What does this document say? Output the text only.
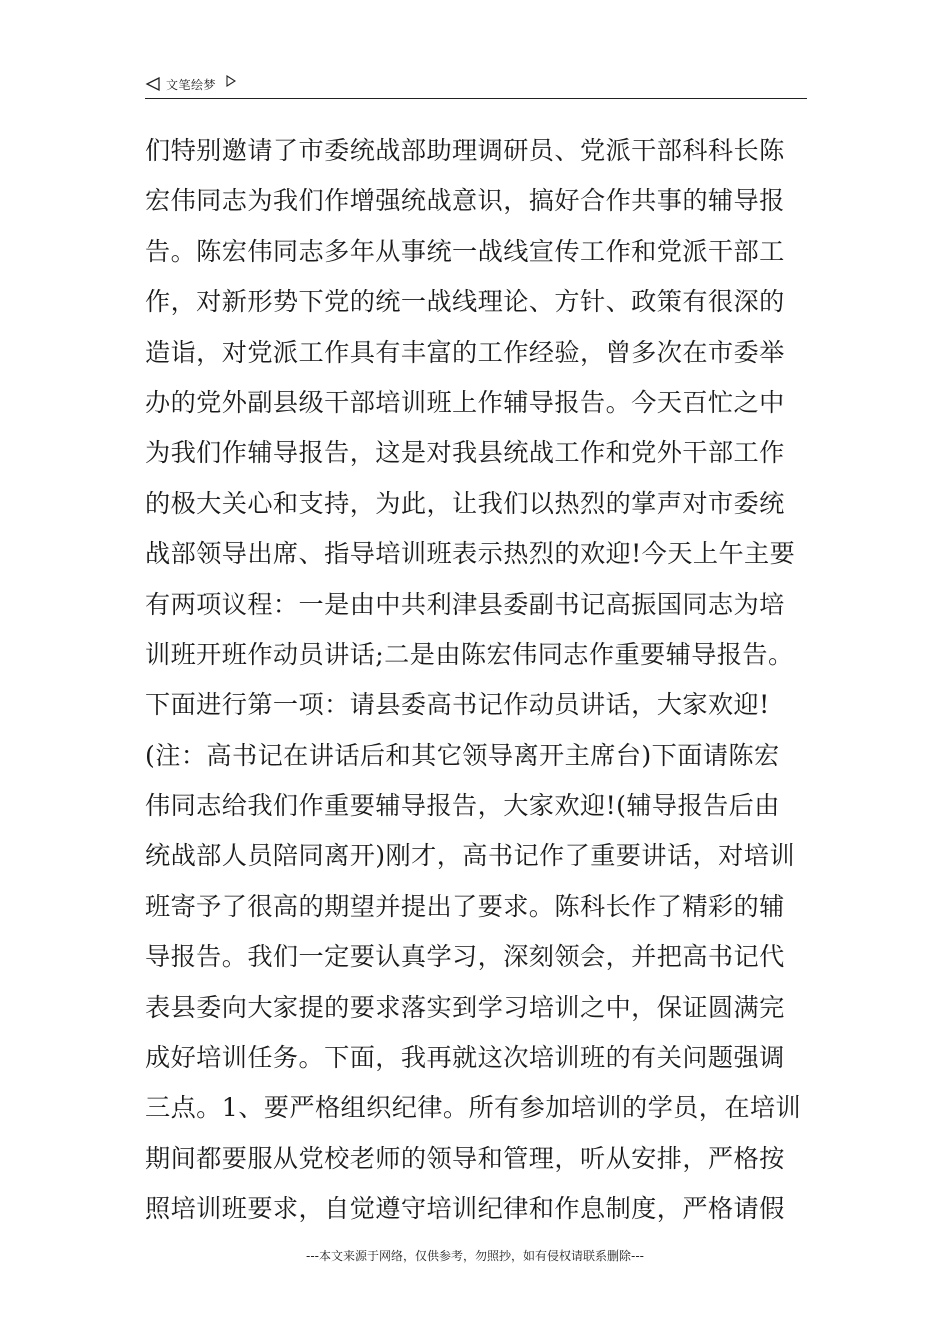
文笔绘梦
们特别邀请了市委统战部助理调研员、党派干部科科长陈
宏伟同志为我们作增强统战意识，搞好合作共事的辅导报
告。陈宏伟同志多年从事统一战线宣传工作和党派干部工
作，对新形势下党的统一战线理论、方针、政策有很深的
造诣，对党派工作具有丰富的工作经验，曾多次在市委举
办的党外副县级干部培训班上作辅导报告。今天百忙之中
为我们作辅导报告，这是对我县统战工作和党外干部工作
的极大关心和支持，为此，让我们以热烈的掌声对市委统
战部领导出席、指导培训班表示热烈的欢迎!今天上午主要
有两项议程：一是由中共利津县委副书记高振国同志为培
训班开班作动员讲话;二是由陈宏伟同志作重要辅导报告。
下面进行第一项：请县委高书记作动员讲话，大家欢迎!
(注：高书记在讲话后和其它领导离开主席台)下面请陈宏
伟同志给我们作重要辅导报告，大家欢迎!(辅导报告后由
统战部人员陪同离开)刚才，高书记作了重要讲话，对培训
班寄予了很高的期望并提出了要求。陈科长作了精彩的辅
导报告。我们一定要认真学习，深刻领会，并把高书记代
表县委向大家提的要求落实到学习培训之中，保证圆满完
成好培训任务。下面，我再就这次培训班的有关问题强调
三点。1、要严格组织纪律。所有参加培训的学员，在培训
期间都要服从党校老师的领导和管理，听从安排，严格按
照培训班要求，自觉遵守培训纪律和作息制度，严格请假
---本文来源于网络，仅供参考，勿照抄，如有侵权请联系删除---
